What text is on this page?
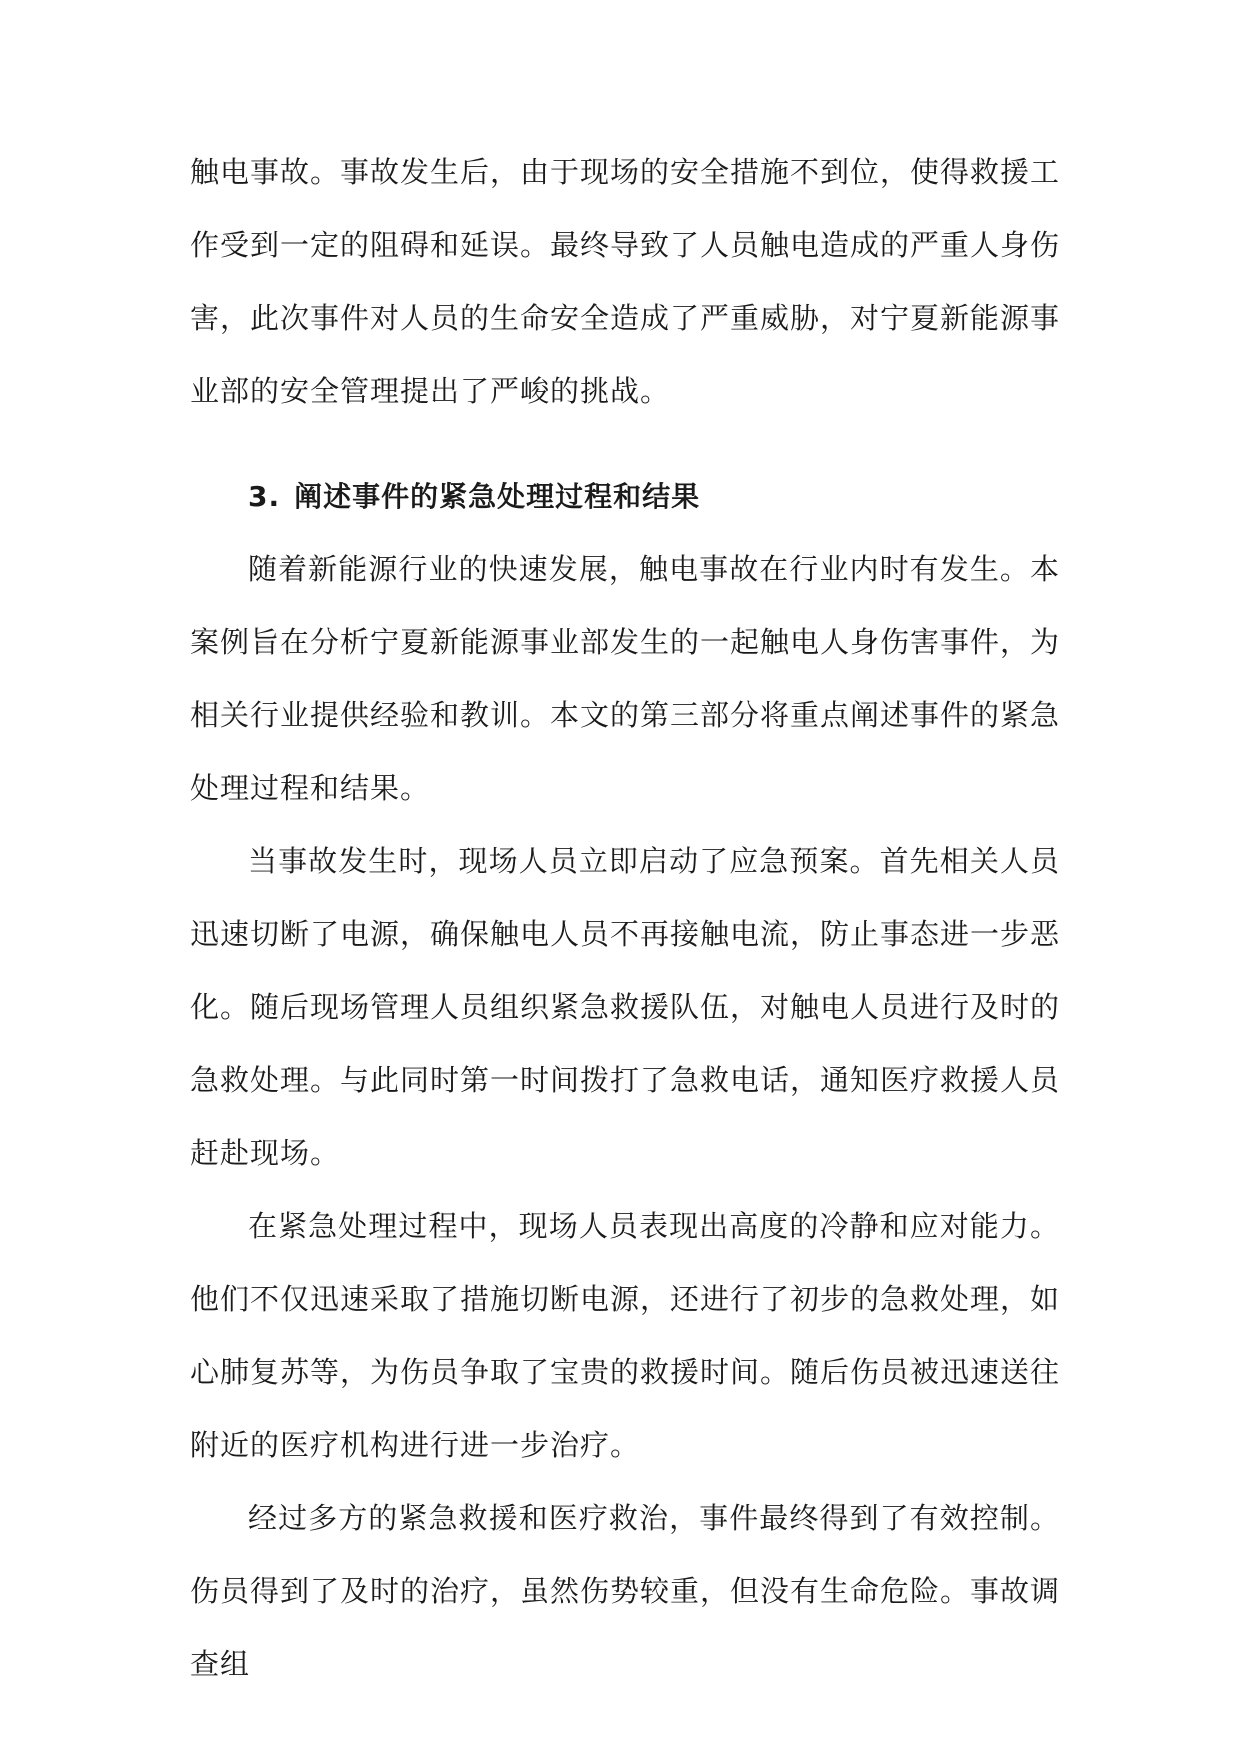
触电事故。事故发生后，由于现场的安全措施不到位，使得救援工作受到一定的阻碍和延误。最终导致了人员触电造成的严重人身伤害，此次事件对人员的生命安全造成了严重威胁，对宁夏新能源事业部的安全管理提出了严峻的挑战。

3. 阐述事件的紧急处理过程和结果

随着新能源行业的快速发展，触电事故在行业内时有发生。本案例旨在分析宁夏新能源事业部发生的一起触电人身伤害事件，为相关行业提供经验和教训。本文的第三部分将重点阐述事件的紧急处理过程和结果。

当事故发生时，现场人员立即启动了应急预案。首先相关人员迅速切断了电源，确保触电人员不再接触电流，防止事态进一步恶化。随后现场管理人员组织紧急救援队伍，对触电人员进行及时的急救处理。与此同时第一时间拨打了急救电话，通知医疗救援人员赶赴现场。

在紧急处理过程中，现场人员表现出高度的冷静和应对能力。他们不仅迅速采取了措施切断电源，还进行了初步的急救处理，如心肺复苏等，为伤员争取了宝贵的救援时间。随后伤员被迅速送往附近的医疗机构进行进一步治疗。

经过多方的紧急救援和医疗救治，事件最终得到了有效控制。伤员得到了及时的治疗，虽然伤势较重，但没有生命危险。事故调查组
